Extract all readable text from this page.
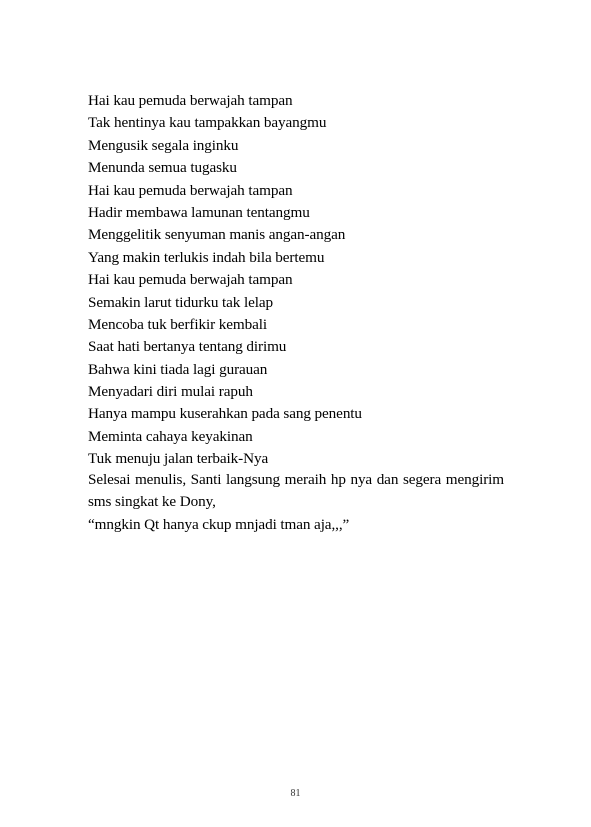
Hai kau pemuda berwajah tampan
Tak hentinya kau tampakkan bayangmu
Mengusik segala inginku
Menunda semua tugasku
Hai kau pemuda berwajah tampan
Hadir membawa lamunan tentangmu
Menggelitik senyuman manis angan-angan
Yang makin terlukis indah bila bertemu
Hai kau pemuda berwajah tampan
Semakin larut tidurku tak lelap
Mencoba tuk berfikir kembali
Saat hati bertanya tentang dirimu
Bahwa kini tiada lagi gurauan
Menyadari diri mulai rapuh
Hanya mampu kuserahkan pada sang penentu
Meminta cahaya keyakinan
Tuk menuju jalan terbaik-Nya
Selesai menulis, Santi langsung meraih hp nya dan segera mengirim sms singkat ke Dony,
“mngkin Qt hanya ckup mnjadi tman aja,,,”
81
